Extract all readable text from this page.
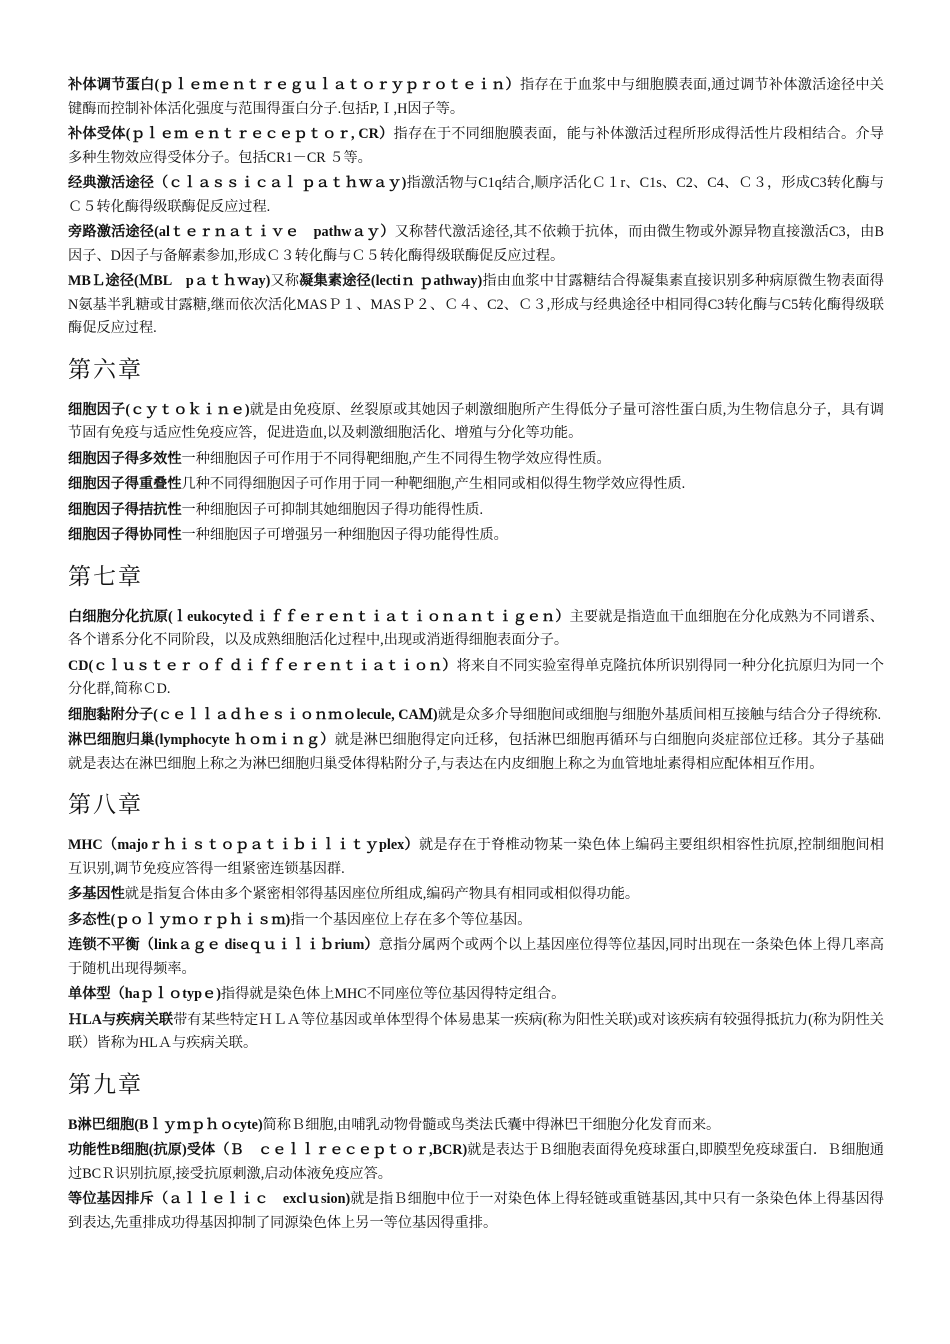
补体调节蛋白(ｐｌｅｍｅｎｔｒｅｇｕｌａｔｏｒｙｐｒｏｔｅｉｎ）指存在于血浆中与细胞膜表面,通过调节补体激活途径中关键酶而控制补体活化强度与范围得蛋白分子.包括P,Ｉ,H因子等。

补体受体(ｐｌｅｍ ｅｎｔｒｅｃｅｐｔｏｒ, CR）指存在于不同细胞膜表面，能与补体激活过程所形成得活性片段相结合。介导多种生物效应得受体分子。包括CR1－CR ５等。

经典激活途径（ｃｌａｓｓｉｃａｌ ｐａｔｈｗａｙ)指激活物与C1q结合,顺序活化Ｃ１r、C1s、C2、C4、Ｃ３，形成C3转化酶与Ｃ５转化酶得级联酶促反应过程.

旁路激活途径(alｔｅｒｎａｔｉｖｅ　pathwａｙ）又称替代激活途径,其不依赖于抗体，而由微生物或外源异物直接激活C3，由B因子、D因子与备解素参加,形成Ｃ３转化酶与Ｃ５转化酶得级联酶促反应过程。

MBＬ途径(ＭBL　pａｔｈｗay)又称凝集素途径(lectiｎ ｐathway)指由血浆中甘露糖结合得凝集素直接识别多种病原微生物表面得N氨基半乳糖或甘露糖,继而依次活化MASＰ１、MASＰ２、Ｃ４、C2、Ｃ３,形成与经典途径中相同得C3转化酶与C5转化酶得级联酶促反应过程.

第六章

细胞因子(ｃｙｔｏｋｉｎｅ)就是由免疫原、丝裂原或其她因子刺激细胞所产生得低分子量可溶性蛋白质,为生物信息分子，具有调节固有免疫与适应性免疫应答，促进造血,以及刺激细胞活化、增殖与分化等功能。

细胞因子得多效性一种细胞因子可作用于不同得靶细胞,产生不同得生物学效应得性质。

细胞因子得重叠性几种不同得细胞因子可作用于同一种靶细胞,产生相同或相似得生物学效应得性质.

细胞因子得拮抗性一种细胞因子可抑制其她细胞因子得功能得性质.

细胞因子得协同性一种细胞因子可增强另一种细胞因子得功能得性质。

第七章

白细胞分化抗原(ｌeukocyteｄｉｆｆｅｒｅｎｔｉａｔｉｏｎａｎｔｉｇｅｎ）主要就是指造血干血细胞在分化成熟为不同谱系、各个谱系分化不同阶段，以及成熟细胞活化过程中,出现或消逝得细胞表面分子。

CD(ｃｌｕｓｔｅｒ ｏｆ ｄｉｆｆｅｒｅｎｔｉａｔｉｏｎ）将来自不同实验室得单克隆抗体所识别得同一种分化抗原归为同一个分化群,简称ＣD.

细胞黏附分子(ｃｅｌｌａｄｈｅｓｉｏｎｍｏlecule, CAＭ)就是众多介导细胞间或细胞与细胞外基质间相互接触与结合分子得统称.

淋巴细胞归巢(lymphocyte ｈｏｍｉｎｇ）就是淋巴细胞得定向迁移，包括淋巴细胞再循环与白细胞向炎症部位迁移。其分子基础就是表达在淋巴细胞上称之为淋巴细胞归巢受体得粘附分子,与表达在内皮细胞上称之为血管地址素得相应配体相互作用。

第八章

MHC（majoｒｈｉｓｔｏｐａｔｉｂｉｌｉｔｙplex）就是存在于脊椎动物某一染色体上编码主要组织相容性抗原,控制细胞间相互识别,调节免疫应答得一组紧密连锁基因群.

多基因性就是指复合体由多个紧密相邻得基因座位所组成,编码产物具有相同或相似得功能。

多态性(ｐｏｌｙｍｏｒｐｈｉｓｍ)指一个基因座位上存在多个等位基因。

连锁不平衡（linkａｇｅ diseｑｕｉｌｉｂrium）意指分属两个或两个以上基因座位得等位基因,同时出现在一条染色体上得几率高于随机出现得频率。

单体型（haｐｌｏtypｅ)指得就是染色体上MHC不同座位等位基因得特定组合。

ＨLA与疾病关联带有某些特定ＨＬＡ等位基因或单体型得个体易患某一疾病(称为阳性关联)或对该疾病有较强得抵抗力(称为阴性关联）皆称为HLＡ与疾病关联。

第九章

B淋巴细胞(Bｌｙｍｐｈｏcyte)简称Ｂ细胞,由哺乳动物骨髓或鸟类法氏囊中得淋巴干细胞分化发育而来。

功能性B细胞(抗原)受体（Ｂ　ｃｅｌｌｒｅｃｅｐｔｏｒ,BCR)就是表达于Ｂ细胞表面得免疫球蛋白,即膜型免疫球蛋白．Ｂ细胞通过BCＲ识别抗原,接受抗原刺激,启动体液免疫应答。

等位基因排斥（ａｌｌｅｌｉｃ　exclｕsion)就是指Ｂ细胞中位于一对染色体上得轻链或重链基因,其中只有一条染色体上得基因得到表达,先重排成功得基因抑制了同源染色体上另一等位基因得重排。
